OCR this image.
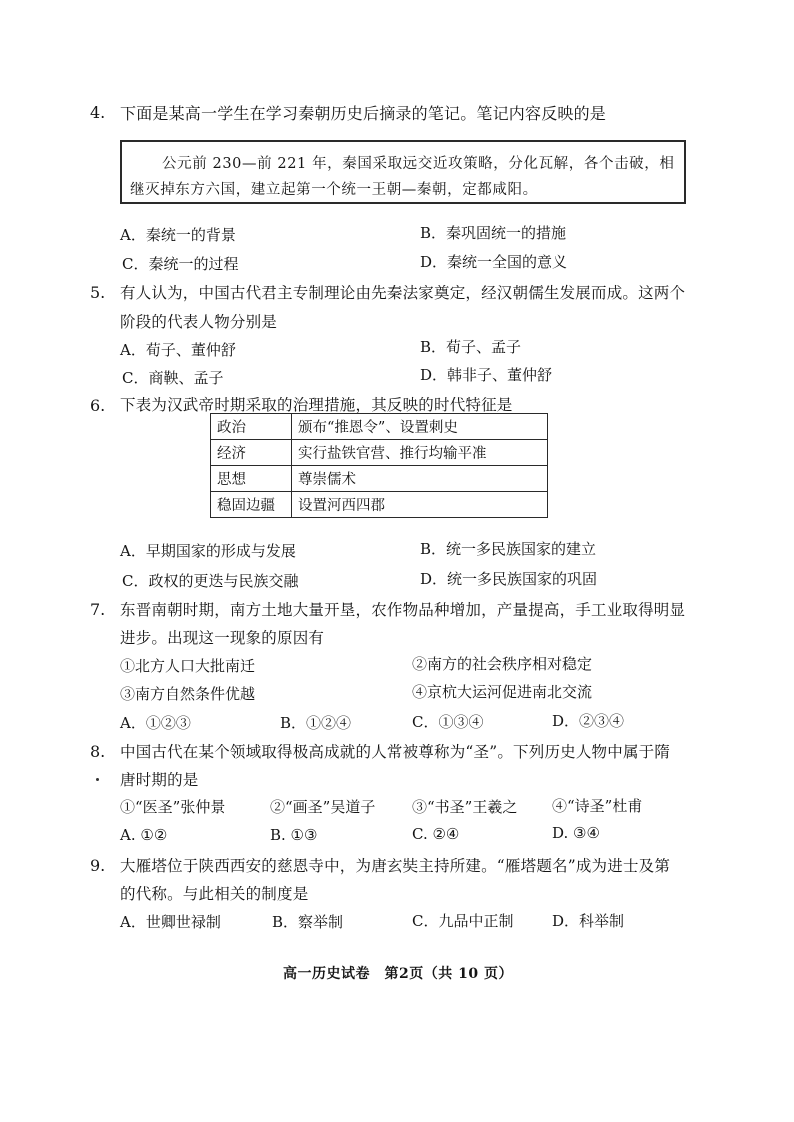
4. 下面是某高一学生在学习秦朝历史后摘录的笔记。笔记内容反映的是
公元前 230—前 221 年，秦国采取远交近攻策略，分化瓦解，各个击破，相
继灭掉东方六国，建立起第一个统一王朝—秦朝，定都咸阳。
A．秦统一的背景	B．秦巩固统一的措施
C．秦统一的过程	D．秦统一全国的意义
5. 有人认为，中国古代君主专制理论由先秦法家奠定，经汉朝儒生发展而成。这两个
阶段的代表人物分别是
A．荀子、董仲舒	B．荀子、孟子
C．商鞅、孟子	D．韩非子、董仲舒
6. 下表为汉武帝时期采取的治理措施，其反映的时代特征是
政治	颁布“推恩令”、设置刺史
经济	实行盐铁官营、推行均输平准
思想	尊崇儒术
稳固边疆	设置河西四郡
A．早期国家的形成与发展	B．统一多民族国家的建立
C．政权的更迭与民族交融	D．统一多民族国家的巩固
7. 东晋南朝时期，南方土地大量开垦，农作物品种增加，产量提高，手工业取得明显
进步。出现这一现象的原因有
①北方人口大批南迁	②南方的社会秩序相对稳定
③南方自然条件优越	④京杭大运河促进南北交流
A．①②③	B．①②④	C．①③④	D．②③④
8. 中国古代在某个领域取得极高成就的人常被尊称为“圣”。下列历史人物中属于隋
唐时期的是
①“医圣”张仲景	②“画圣”吴道子 ③“书圣”王羲之 ④“诗圣”杜甫
A. ①②	B. ①③	C. ②④	D. ③④
9. 大雁塔位于陕西西安的慈恩寺中，为唐玄奘主持所建。“雁塔题名”成为进士及第
的代称。与此相关的制度是
A．世卿世禄制	B．察举制	C．九品中正制	D．科举制
高一历史试卷　第2页（共 10 页）
